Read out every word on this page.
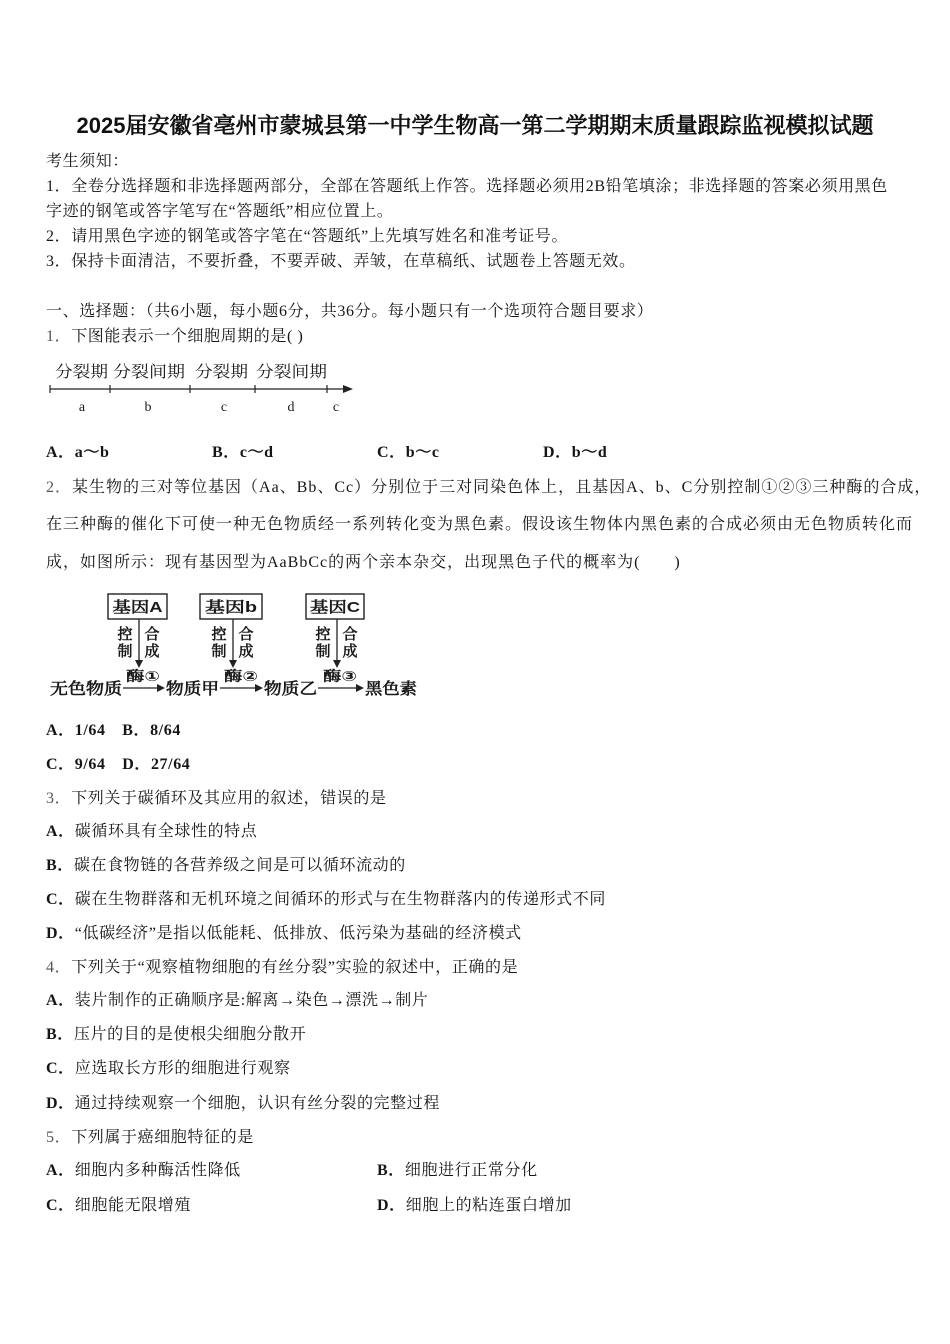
2025届安徽省亳州市蒙城县第一中学生物高一第二学期期末质量跟踪监视模拟试题
考生须知：
1．全卷分选择题和非选择题两部分，全部在答题纸上作答。选择题必须用2B铅笔填涂；非选择题的答案必须用黑色
字迹的钢笔或答字笔写在“答题纸”相应位置上。
2．请用黑色字迹的钢笔或答字笔在“答题纸”上先填写姓名和准考证号。
3．保持卡面清洁，不要折叠，不要弄破、弄皱，在草稿纸、试题卷上答题无效。
一、选择题：（共6小题，每小题6分，共36分。每小题只有一个选项符合题目要求）
1．下图能表示一个细胞周期的是( )
分裂期 分裂间期	分裂期 分裂间期
a	b	c	d	c
A．a～b	B．c～d	C．b～c	D．b～d
2．某生物的三对等位基因（Aa、Bb、Cc）分别位于三对同染色体上，且基因A、b、C分别控制①②③三种酶的合成，
在三种酶的催化下可使一种无色物质经一系列转化变为黑色素。假设该生物体内黑色素的合成必须由无色物质转化而
成，如图所示：现有基因型为AaBbCc的两个亲本杂交，出现黑色子代的概率为(　　)
基因A	基因b	基因C
控
制
合
成
控
制
合
成
控
制
合
成
酶①	酶②	酶③
无色物质	物质甲	物质乙	黑色素
A．1/64　B．8/64
C．9/64　D．27/64
3．下列关于碳循环及其应用的叙述，错误的是
A．碳循环具有全球性的特点
B．碳在食物链的各营养级之间是可以循环流动的
C．碳在生物群落和无机环境之间循环的形式与在生物群落内的传递形式不同
D．“低碳经济”是指以低能耗、低排放、低污染为基础的经济模式
4．下列关于“观察植物细胞的有丝分裂”实验的叙述中，正确的是
A．装片制作的正确顺序是:解离→染色→漂洗→制片
B．压片的目的是使根尖细胞分散开
C．应选取长方形的细胞进行观察
D．通过持续观察一个细胞，认识有丝分裂的完整过程
5．下列属于癌细胞特征的是
A．细胞内多种酶活性降低	B．细胞进行正常分化
C．细胞能无限增殖	D．细胞上的粘连蛋白增加
